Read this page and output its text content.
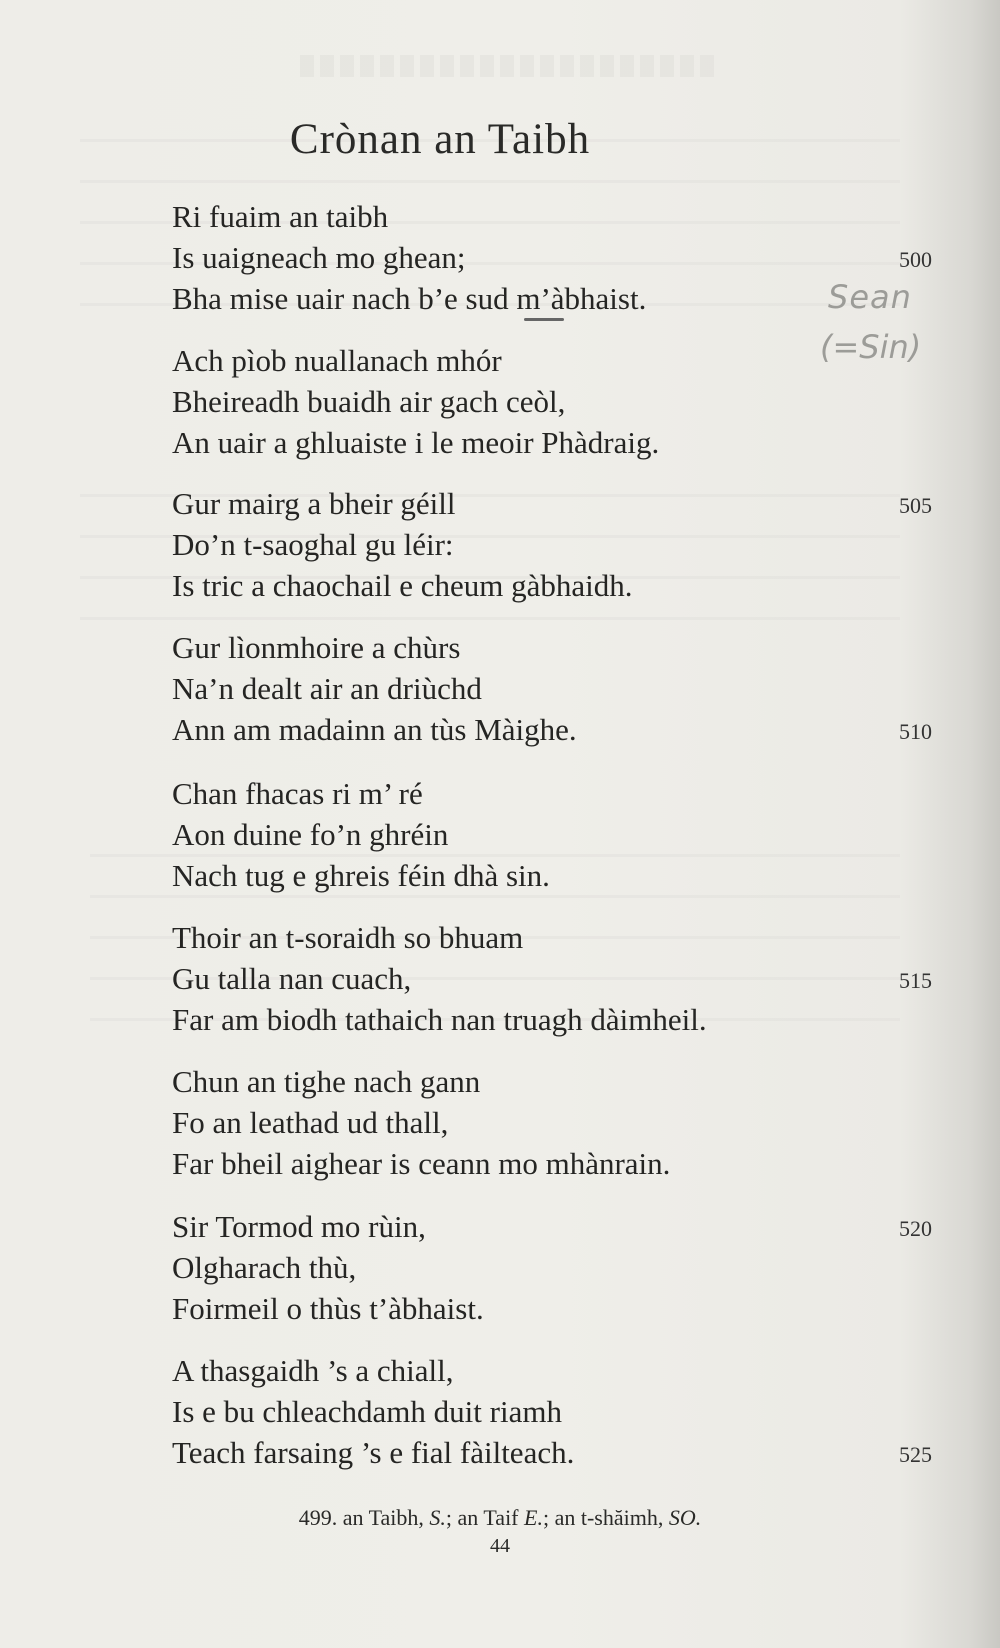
Crònan an Taibh
Ri fuaim an taibh
Is uaigneach mo ghean;	500
Bha mise uair nach b’e sud m’àbhaist.
Ach pìob nuallanach mhór
Bheireadh buaidh air gach ceòl,
An uair a ghluaiste i le meoir Phàdraig.
Gur mairg a bheir géill	505
Do’n t-saoghal gu léir:
Is tric a chaochail e cheum gàbhaidh.
Gur lìonmhoire a chùrs
Na’n dealt air an driùchd
Ann am madainn an tùs Màighe.	510
Chan fhacas ri m’ ré
Aon duine fo’n ghréin
Nach tug e ghreis féin dhà sin.
Thoir an t-soraidh so bhuam
Gu talla nan cuach,	515
Far am biodh tathaich nan truagh dàimheil.
Chun an tighe nach gann
Fo an leathad ud thall,
Far bheil aighear is ceann mo mhànrain.
Sir Tormod mo rùin,	520
Olgharach thù,
Foirmeil o thùs t’àbhaist.
A thasgaidh ’s a chiall,
Is e bu chleachdamh duit riamh
Teach farsaing ’s e fial fàilteach.	525
Sean
(=Sin)
499. an Taibh, S.; an Taif E.; an t-shăimh, SO.
44
